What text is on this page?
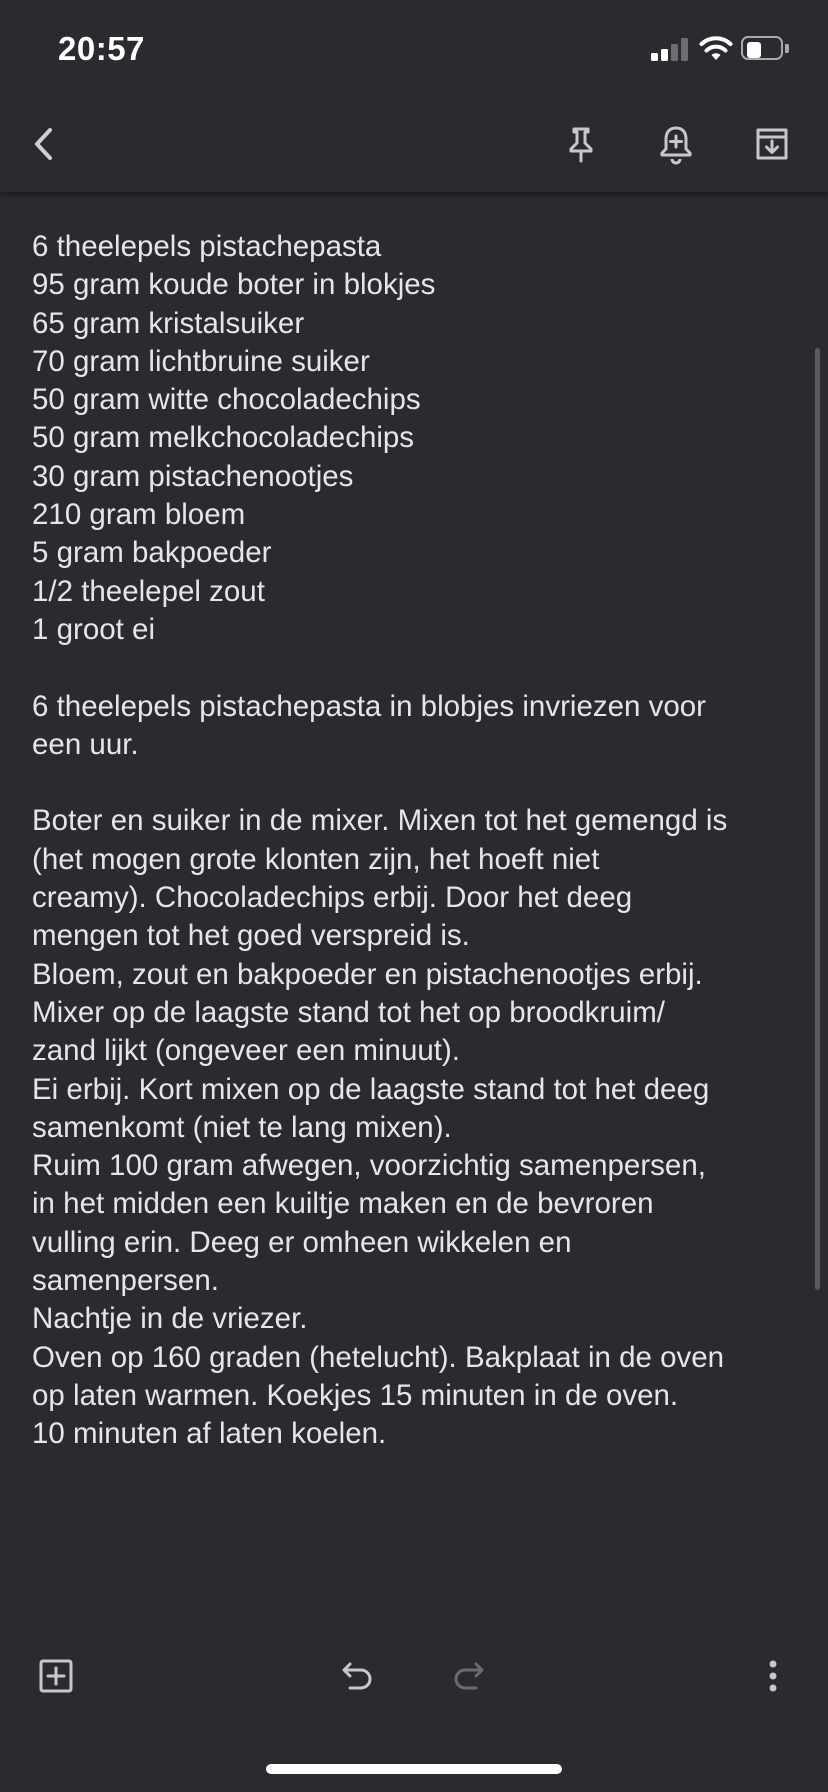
20:57
6 theelepels pistachepasta
95 gram koude boter in blokjes
65 gram kristalsuiker
70 gram lichtbruine suiker
50 gram witte chocoladechips
50 gram melkchocoladechips
30 gram pistachenootjes
210 gram bloem
5 gram bakpoeder
1/2 theelepel zout
1 groot ei
6 theelepels pistachepasta in blobjes invriezen voor
een uur.
Boter en suiker in de mixer. Mixen tot het gemengd is
(het mogen grote klonten zijn, het hoeft niet
creamy). Chocoladechips erbij. Door het deeg
mengen tot het goed verspreid is.
Bloem, zout en bakpoeder en pistachenootjes erbij.
Mixer op de laagste stand tot het op broodkruim/
zand lijkt (ongeveer een minuut).
Ei erbij. Kort mixen op de laagste stand tot het deeg
samenkomt (niet te lang mixen).
Ruim 100 gram afwegen, voorzichtig samenpersen,
in het midden een kuiltje maken en de bevroren
vulling erin. Deeg er omheen wikkelen en
samenpersen.
Nachtje in de vriezer.
Oven op 160 graden (hetelucht). Bakplaat in de oven
op laten warmen. Koekjes 15 minuten in de oven.
10 minuten af laten koelen.
